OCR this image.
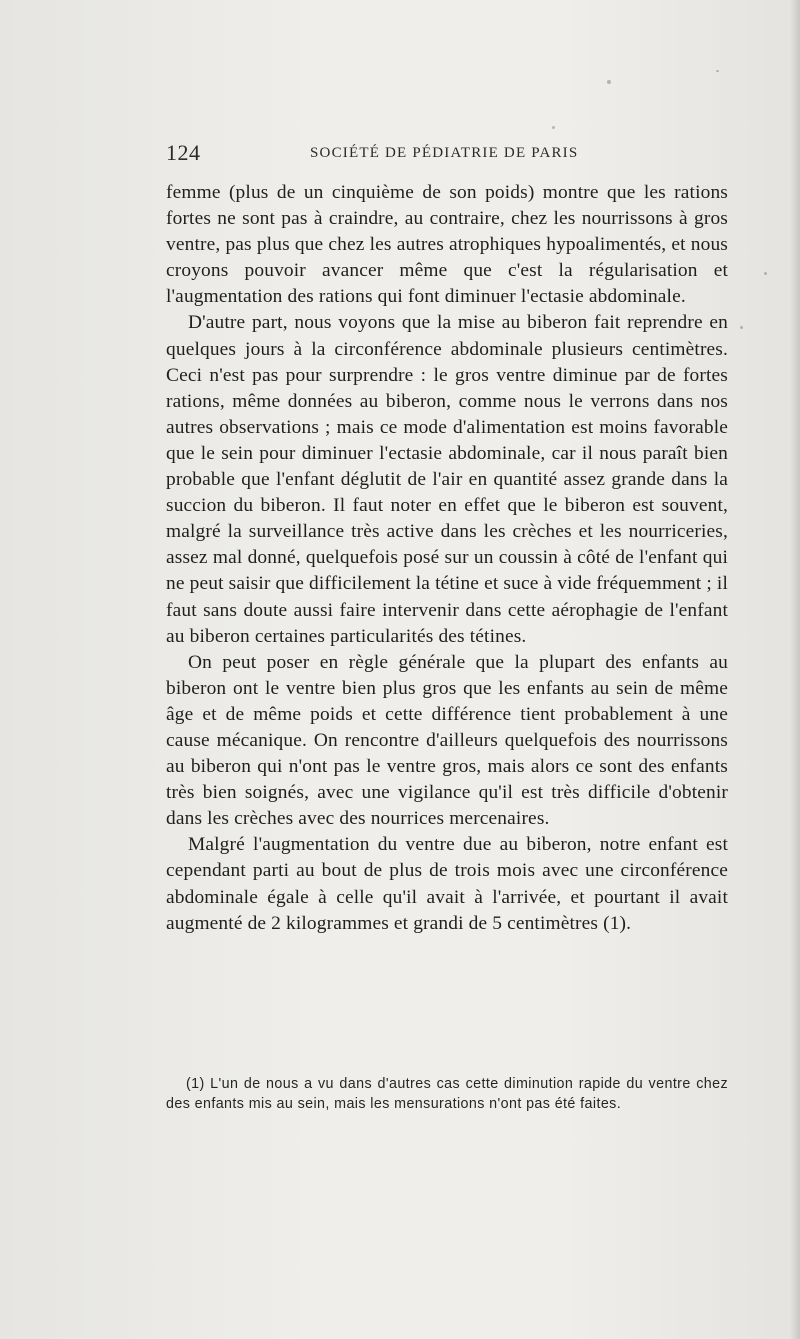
124	SOCIÉTÉ DE PÉDIATRIE DE PARIS

femme (plus de un cinquième de son poids) montre que les rations fortes ne sont pas à craindre, au contraire, chez les nourrissons à gros ventre, pas plus que chez les autres atrophiques hypoalimentés, et nous croyons pouvoir avancer même que c'est la régularisation et l'augmentation des rations qui font diminuer l'ectasie abdominale.

D'autre part, nous voyons que la mise au biberon fait reprendre en quelques jours à la circonférence abdominale plusieurs centimètres. Ceci n'est pas pour surprendre : le gros ventre diminue par de fortes rations, même données au biberon, comme nous le verrons dans nos autres observations ; mais ce mode d'alimentation est moins favorable que le sein pour diminuer l'ectasie abdominale, car il nous paraît bien probable que l'enfant déglutit de l'air en quantité assez grande dans la succion du biberon. Il faut noter en effet que le biberon est souvent, malgré la surveillance très active dans les crèches et les nourriceries, assez mal donné, quelquefois posé sur un coussin à côté de l'enfant qui ne peut saisir que difficilement la tétine et suce à vide fréquemment ; il faut sans doute aussi faire intervenir dans cette aérophagie de l'enfant au biberon certaines particularités des tétines.

On peut poser en règle générale que la plupart des enfants au biberon ont le ventre bien plus gros que les enfants au sein de même âge et de même poids et cette différence tient probablement à une cause mécanique. On rencontre d'ailleurs quelquefois des nourrissons au biberon qui n'ont pas le ventre gros, mais alors ce sont des enfants très bien soignés, avec une vigilance qu'il est très difficile d'obtenir dans les crèches avec des nourrices mercenaires.

Malgré l'augmentation du ventre due au biberon, notre enfant est cependant parti au bout de plus de trois mois avec une circonférence abdominale égale à celle qu'il avait à l'arrivée, et pourtant il avait augmenté de 2 kilogrammes et grandi de 5 centimètres (1).

(1) L'un de nous a vu dans d'autres cas cette diminution rapide du ventre chez des enfants mis au sein, mais les mensurations n'ont pas été faites.
